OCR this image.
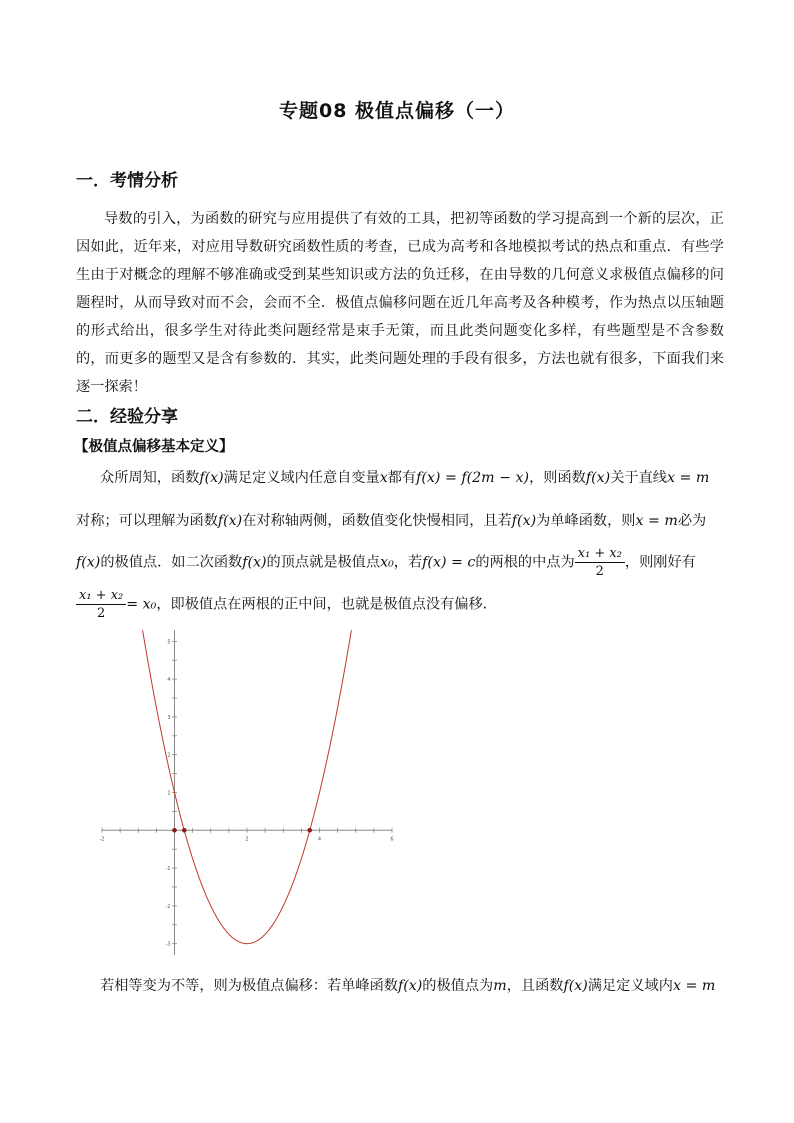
专题08 极值点偏移（一）
一．考情分析

导数的引入，为函数的研究与应用提供了有效的工具，把初等函数的学习提高到一个新的层次，正因如此，近年来，对应用导数研究函数性质的考查，已成为高考和各地模拟考试的热点和重点．有些学生由于对概念的理解不够准确或受到某些知识或方法的负迁移，在由导数的几何意义求极值点偏移的问题程时，从而导致对而不会，会而不全．极值点偏移问题在近几年高考及各种模考，作为热点以压轴题的形式给出，很多学生对待此类问题经常是束手无策，而且此类问题变化多样，有些题型是不含参数的，而更多的题型又是含有参数的．其实，此类问题处理的手段有很多，方法也就有很多，下面我们来逐一探索！

二．经验分享
【极值点偏移基本定义】
众所周知，函数f(x)满足定义域内任意自变量x都有f(x) = f(2m − x)，则函数f(x)关于直线x = m
对称；可以理解为函数f(x)在对称轴两侧，函数值变化快慢相同，且若f(x)为单峰函数，则x = m必为
f(x)的极值点．如二次函数f(x)的顶点就是极值点x₀，若f(x) = c的两根的中点为 $\frac{\text{x₁ + x₂}}{2}$ ，则刚好有
$\frac{\text{x₁ + x₂}}{2} = x_0$，即极值点在两根的正中间，也就是极值点没有偏移．
-2	2	4	6
-3
-2
-1
1
2
3
4
5
若相等变为不等，则为极值点偏移：若单峰函数f(x)的极值点为m，且函数f(x)满足定义域内x = m
